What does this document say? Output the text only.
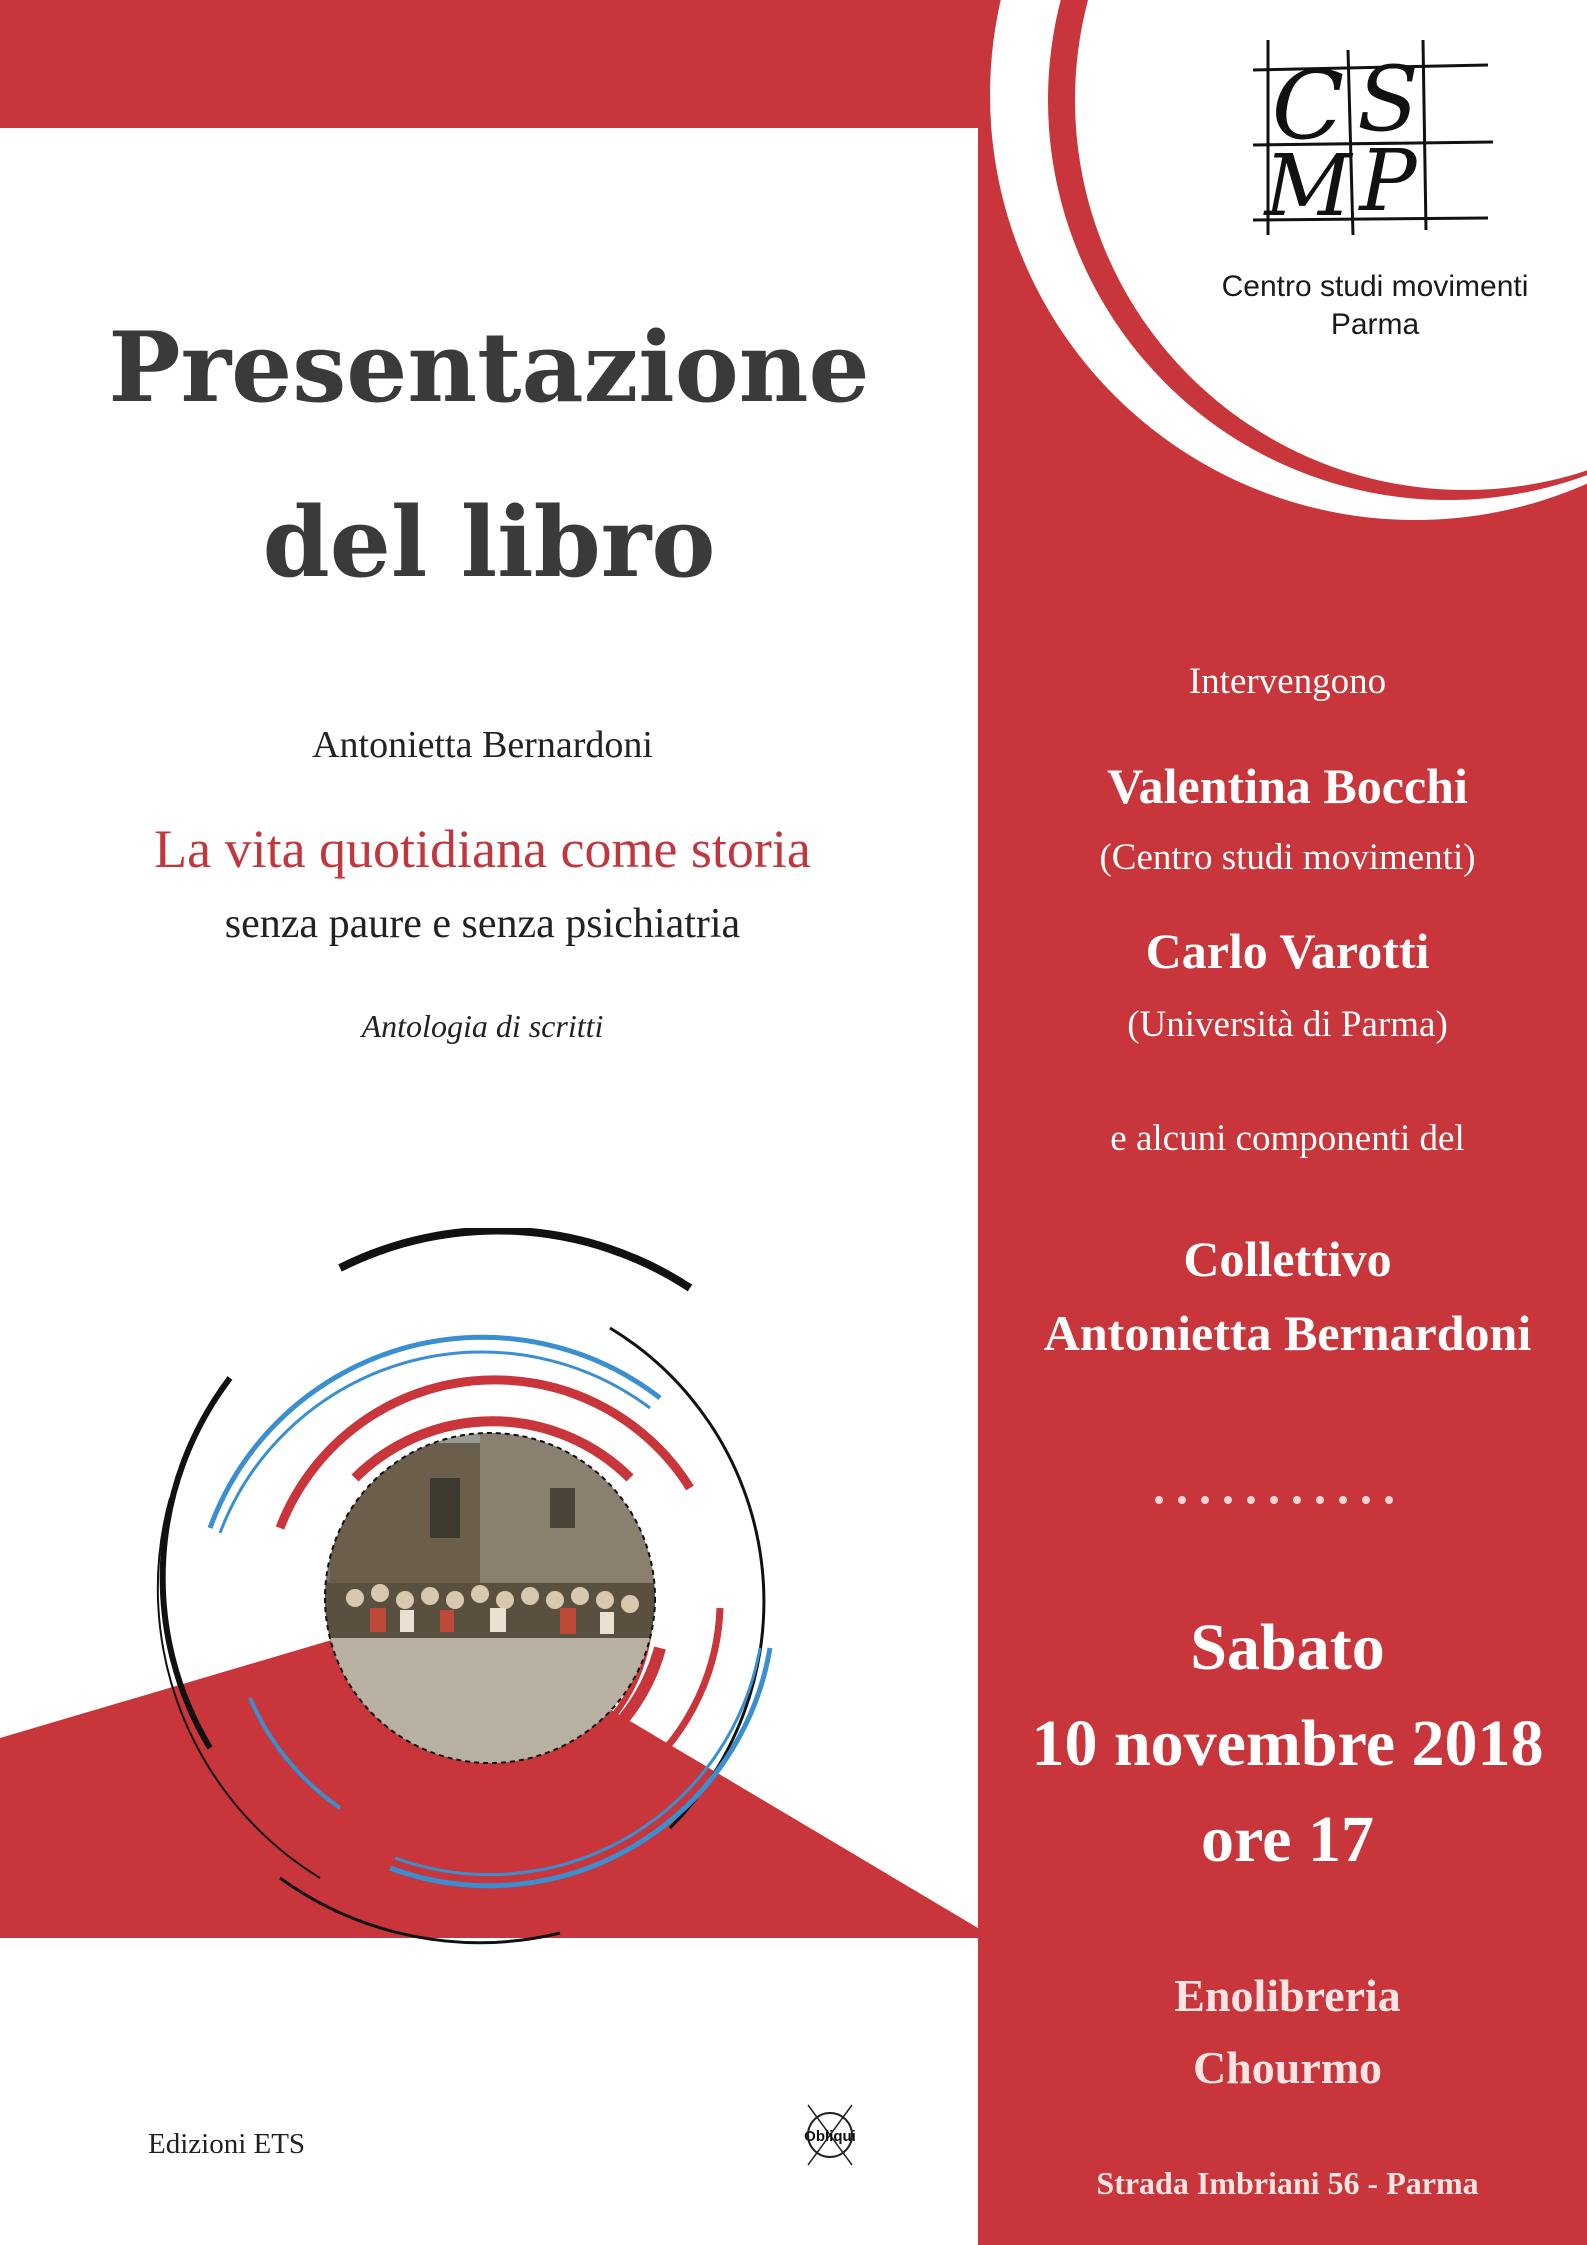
C S
M P
Centro studi movimenti
Parma
Presentazione
del libro
Antonietta Bernardoni
La vita quotidiana come storia
senza paure e senza psichiatria
Antologia di scritti
Edizioni ETS	Obliqui
Intervengono
Valentina Bocchi
(Centro studi movimenti)
Carlo Varotti
(Università di Parma)
e alcuni componenti del
Collettivo
Antonietta Bernardoni
Sabato
10 novembre 2018
ore 17
Enolibreria
Chourmo
Strada Imbriani 56 - Parma
